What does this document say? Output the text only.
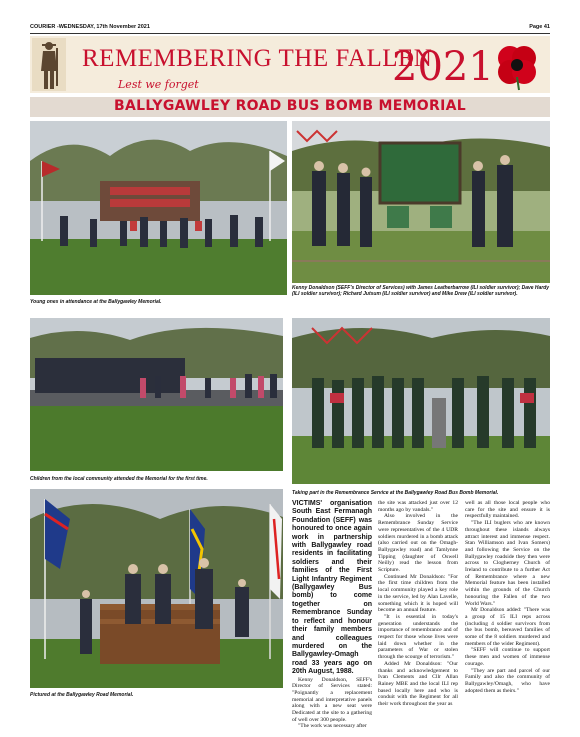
COURIER -WEDNESDAY, 17th November 2021	Page 41
REMEMBERING THE FALLEN
Lest we forget	2021
BALLYGAWLEY ROAD BUS BOMB MEMORIAL
Young ones in attendance at the Ballygawley Memorial.
Kenny Donaldson (SEFF's Director of Services) with James Leatherbarrow (ILI soldier survivor); Dave Hardy (ILI soldier survivor); Richard Jutsum (ILI soldier survivor) and Mike Drew (ILI soldier survivor).
Children from the local community attended the Memorial for the first time.
Taking part in the Remembrance Service at the Ballygawley Road Bus Bomb Memorial.
Pictured at the Ballygawley Road Memorial.
VICTIMS' organisation South East Fermanagh Foundation (SEFF) was honoured to once again work in partnership with Ballygawley road residents in facilitating soldiers and their families of the First Light Infantry Regiment (Ballygawley Bus bomb) to come together on Remembrance Sunday to reflect and honour their family members and colleagues murdered on the Ballygawley-Omagh road 33 years ago on 20th August, 1988.

Kenny Donaldson, SEFF's Director of Services stated: "Poignantly a replacement memorial and interpretative panels along with a new seat were Dedicated at the site to a gathering of well over 300 people.

"The work was necessary after

the site was attacked just over 12 months ago by vandals."

Also involved in the Remembrance Sunday Service were representatives of the 4 UDR soldiers murdered in a bomb attack (also carried out on the Omagh-Ballygawley road) and Tamlynne Tipping (daughter of Oswell Neilly) read the lesson from Scripture.

Continued Mr Donaldson: "For the first time children from the local community played a key role in the service, led by Alan Lavelle, something which it is hoped will become an annual feature.

"It is essential in today's generation understands the importance of remembrance and of respect for those whose lives were laid down whether in the parameters of War or stolen through the scourge of terrorism."

Added Mr Donaldson: "Our thanks and acknowledgement to Ivan Clements and Cllr Allan Rainey MBE and the local ILI rep based locally here and who is conduit with the Regiment for all their work throughout the year as

well as all those local people who care for the site and ensure it is respectfully maintained.

"The ILI buglers who are known throughout these islands always attract interest and immense respect. Stan Williamson and Ivan Somers) and following the Service on the Ballygawley roadside they then were across to Clogherney Church of Ireland to contribute to a further Act of Remembrance where a new Memorial feature has been installed within the grounds of the Church honouring the Fallen of the two World Wars."

Mr Donaldson added: "There was a group of 15 ILI reps across (including 4 soldier survivors from the bus bomb, bereaved families of some of the 8 soldiers murdered and members of the wider Regiment).

"SEFF will continue to support these men and women of immense courage.

"They are part and parcel of our Family and also the community of Ballygawley/Omagh, who have adopted them as theirs."
